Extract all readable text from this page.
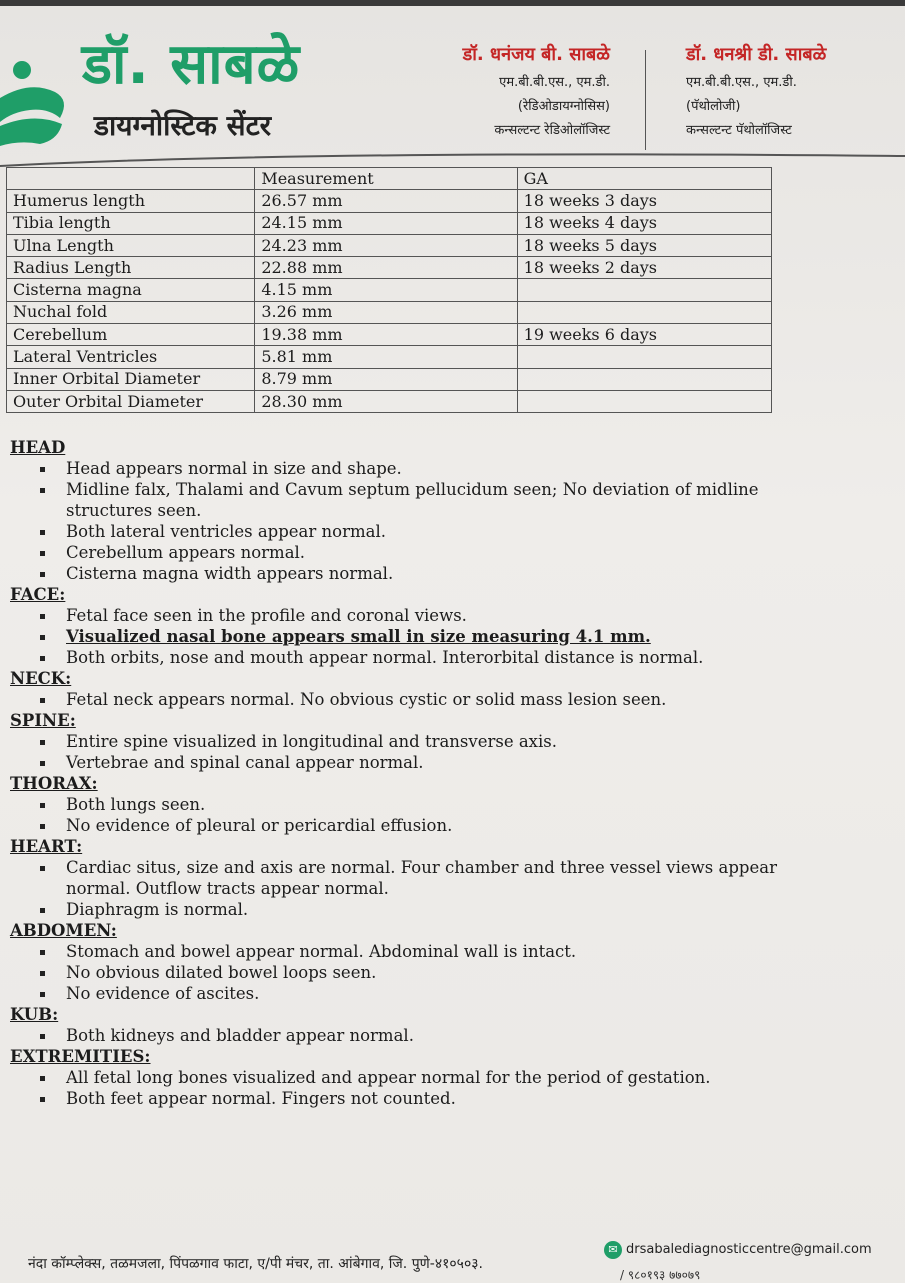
डॉ. साबळे
डायग्नोस्टिक सेंटर
डॉ. धनंजय बी. साबळे
एम.बी.बी.एस., एम.डी.
(रेडिओडायग्नोसिस)
कन्सल्टन्ट रेडिओलॉजिस्ट
डॉ. धनश्री डी. साबळे
एम.बी.बी.एस., एम.डी.
(पॅथोलोजी)
कन्सल्टन्ट पॅथोलॉजिस्ट
	Measurement	GA
Humerus length	26.57 mm	18 weeks 3 days
Tibia length	24.15 mm	18 weeks 4 days
Ulna Length	24.23 mm	18 weeks 5 days
Radius Length	22.88 mm	18 weeks 2 days
Cisterna magna	4.15 mm	
Nuchal fold	3.26 mm	
Cerebellum	19.38 mm	19 weeks 6 days
Lateral Ventricles	5.81 mm	
Inner Orbital Diameter	8.79 mm	
Outer Orbital Diameter	28.30 mm	
HEAD
Head appears normal in size and shape.
Midline falx, Thalami and Cavum septum pellucidum seen; No deviation of midline structures seen.
Both lateral ventricles appear normal.
Cerebellum appears normal.
Cisterna magna width appears normal.
FACE:
Fetal face seen in the profile and coronal views.
Visualized nasal bone appears small in size measuring 4.1 mm.
Both orbits, nose and mouth appear normal. Interorbital distance is normal.
NECK:
Fetal neck appears normal. No obvious cystic or solid mass lesion seen.
SPINE:
Entire spine visualized in longitudinal and transverse axis.
Vertebrae and spinal canal appear normal.
THORAX:
Both lungs seen.
No evidence of pleural or pericardial effusion.
HEART:
Cardiac situs, size and axis are normal. Four chamber and three vessel views appear normal. Outflow tracts appear normal.
Diaphragm is normal.
ABDOMEN:
Stomach and bowel appear normal. Abdominal wall is intact.
No obvious dilated bowel loops seen.
No evidence of ascites.
KUB:
Both kidneys and bladder appear normal.
EXTREMITIES:
All fetal long bones visualized and appear normal for the period of gestation.
Both feet appear normal. Fingers not counted.
नंदा कॉम्प्लेक्स, तळमजला, पिंपळगाव फाटा, ए/पी मंचर, ता. आंबेगाव, जि. पुणे-४१०५०३.
✉ drsabalediagnosticcentre@gmail.com
/ ९८०१९३ ७७०७९
